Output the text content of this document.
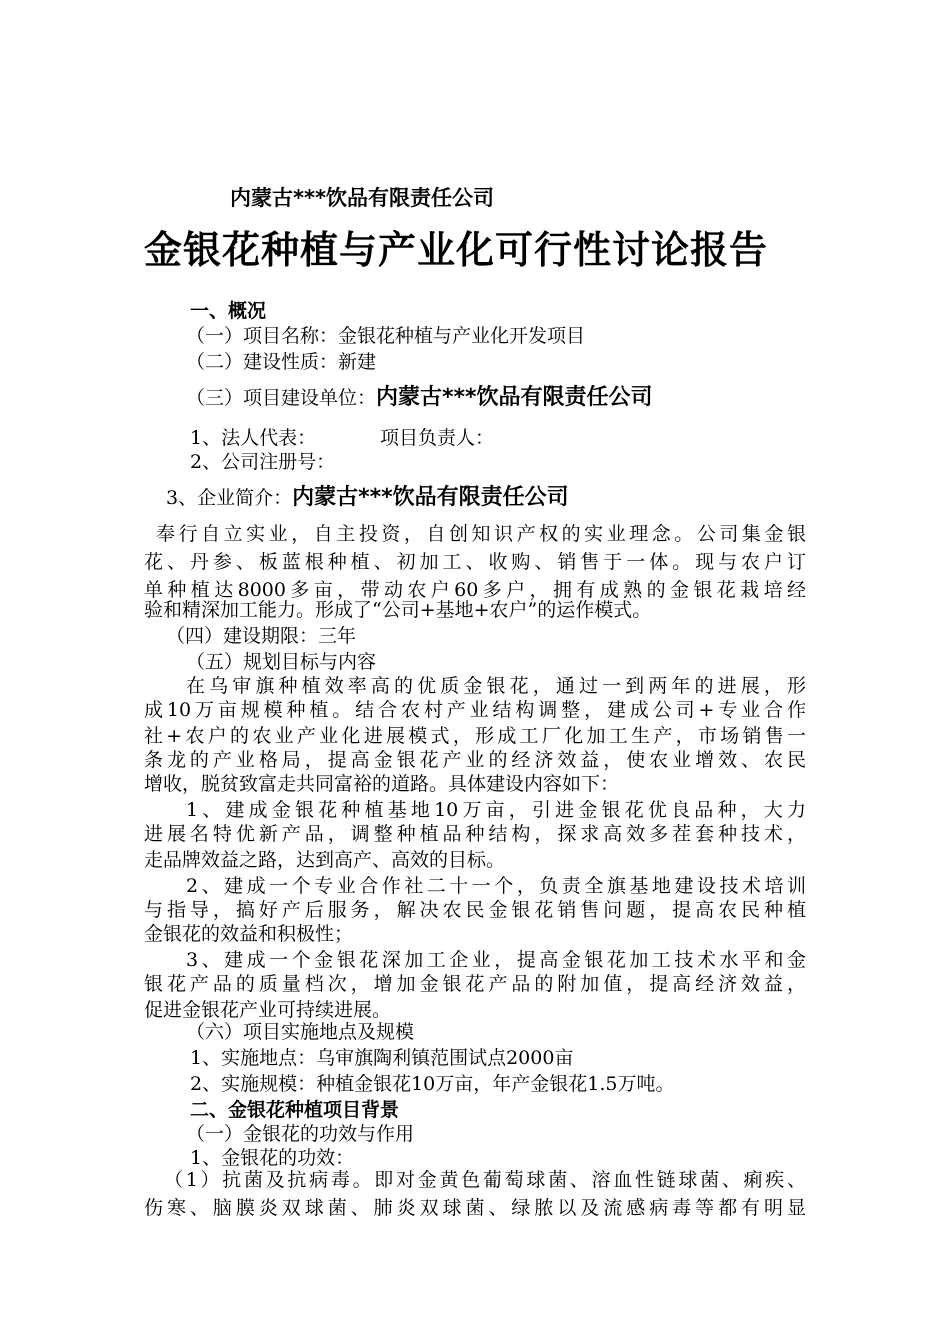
内蒙古***饮品有限责任公司
金银花种植与产业化可行性讨论报告
一、概况
（一）项目名称：金银花种植与产业化开发项目
（二）建设性质：新建
（三）项目建设单位：内蒙古***饮品有限责任公司
1、法人代表：	项目负责人：
2、公司注册号：
3、企业简介：内蒙古***饮品有限责任公司
奉行自立实业，自主投资，自创知识产权的实业理念。公司集金银
花、丹参、板蓝根种植、初加工、收购、销售于一体。现与农户订
单种植达8000多亩，带动农户60多户，拥有成熟的金银花栽培经
验和精深加工能力。形成了“公司+基地+农户”的运作模式。
（四）建设期限：三年
（五）规划目标与内容
在乌审旗种植效率高的优质金银花，通过一到两年的进展，形
成10万亩规模种植。结合农村产业结构调整，建成公司+专业合作
社+农户的农业产业化进展模式，形成工厂化加工生产，市场销售一
条龙的产业格局，提高金银花产业的经济效益，使农业增效、农民
增收，脱贫致富走共同富裕的道路。具体建设内容如下：
1、建成金银花种植基地10万亩，引进金银花优良品种，大力
进展名特优新产品，调整种植品种结构，探求高效多茬套种技术，
走品牌效益之路，达到高产、高效的目标。
2、建成一个专业合作社二十一个，负责全旗基地建设技术培训
与指导，搞好产后服务，解决农民金银花销售问题，提高农民种植
金银花的效益和积极性；
3、建成一个金银花深加工企业，提高金银花加工技术水平和金
银花产品的质量档次，增加金银花产品的附加值，提高经济效益，
促进金银花产业可持续进展。
（六）项目实施地点及规模
1、实施地点：乌审旗陶利镇范围试点2000亩
2、实施规模：种植金银花10万亩，年产金银花1.5万吨。
二、金银花种植项目背景
（一）金银花的功效与作用
1、金银花的功效：
（1）抗菌及抗病毒。即对金黄色葡萄球菌、溶血性链球菌、痢疾、
伤寒、脑膜炎双球菌、肺炎双球菌、绿脓以及流感病毒等都有明显
